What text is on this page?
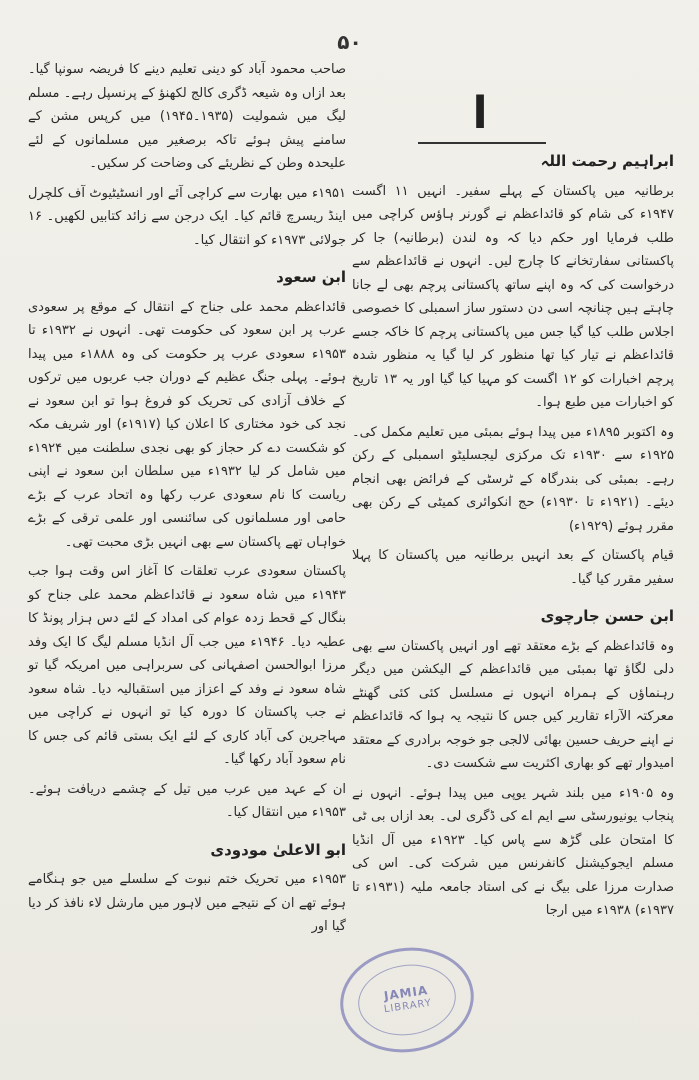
۵۰
ا

صاحب محمود آباد کو دینی تعلیم دینے کا فریضہ سونپا گیا۔ بعد ازاں وہ شیعہ ڈگری کالج لکھنؤ کے پرنسپل رہے۔ مسلم لیگ میں شمولیت (۱۹۳۵۔۱۹۴۵) میں کرپس مشن کے سامنے پیش ہوئے تاکہ برصغیر میں مسلمانوں کے لئے علیحدہ وطن کے نظریئے کی وضاحت کر سکیں۔

۱۹۵۱ء میں بھارت سے کراچی آئے اور انسٹیٹیوٹ آف کلچرل اینڈ ریسرچ قائم کیا۔ ایک درجن سے زائد کتابیں لکھیں۔ ۱۶ جولائی ۱۹۷۳ء کو انتقال کیا۔

ابن سعود

قائداعظم محمد علی جناح کے انتقال کے موقع پر سعودی عرب پر ابن سعود کی حکومت تھی۔ انہوں نے ۱۹۳۲ء تا ۱۹۵۳ء سعودی عرب پر حکومت کی وہ ۱۸۸۸ء میں پیدا ہوئے۔ پہلی جنگ عظیم کے دوران جب عربوں میں ترکوں کے خلاف آزادی کی تحریک کو فروغ ہوا تو ابن سعود نے نجد کی خود مختاری کا اعلان کیا (۱۹۱۷ء) اور شریف مکہ کو شکست دے کر حجاز کو بھی نجدی سلطنت میں ۱۹۲۴ء میں شامل کر لیا ۱۹۳۲ء میں سلطان ابن سعود نے اپنی ریاست کا نام سعودی عرب رکھا وہ اتحاد عرب کے بڑے حامی اور مسلمانوں کی سائنسی اور علمی ترقی کے بڑے خواہاں تھے پاکستان سے بھی انہیں بڑی محبت تھی۔

پاکستان سعودی عرب تعلقات کا آغاز اس وقت ہوا جب ۱۹۴۳ء میں شاہ سعود نے قائداعظم محمد علی جناح کو بنگال کے قحط زدہ عوام کی امداد کے لئے دس ہزار پونڈ کا عطیہ دیا۔ ۱۹۴۶ء میں جب آل انڈیا مسلم لیگ کا ایک وفد مرزا ابوالحسن اصفہانی کی سربراہی میں امریکہ گیا تو شاہ سعود نے وفد کے اعزاز میں استقبالیہ دیا۔ شاہ سعود نے جب پاکستان کا دورہ کیا تو انہوں نے کراچی میں مہاجرین کی آباد کاری کے لئے ایک بستی قائم کی جس کا نام سعود آباد رکھا گیا۔

ان کے عہد میں عرب میں تیل کے چشمے دریافت ہوئے۔ ۱۹۵۳ء میں انتقال کیا۔

ابو الاعلیٰ مودودی

۱۹۵۳ء میں تحریک ختم نبوت کے سلسلے میں جو ہنگامے ہوئے تھے ان کے نتیجے میں لاہور میں مارشل لاء نافذ کر دیا گیا اور

ابراہیم رحمت اللہ

برطانیہ میں پاکستان کے پہلے سفیر۔ انہیں ۱۱ اگست ۱۹۴۷ء کی شام کو قائداعظم نے گورنر ہاؤس کراچی میں طلب فرمایا اور حکم دیا کہ وہ لندن (برطانیہ) جا کر پاکستانی سفارتخانے کا چارج لیں۔ انہوں نے قائداعظم سے درخواست کی کہ وہ اپنے ساتھ پاکستانی پرچم بھی لے جانا چاہتے ہیں چنانچہ اسی دن دستور ساز اسمبلی کا خصوصی اجلاس طلب کیا گیا جس میں پاکستانی پرچم کا خاکہ جسے قائداعظم نے تیار کیا تھا منظور کر لیا گیا یہ منظور شدہ پرچم اخبارات کو ۱۲ اگست کو مہیا کیا گیا اور یہ ۱۳ تاریخ کو اخبارات میں طبع ہوا۔

وہ اکتوبر ۱۸۹۵ء میں پیدا ہوئے بمبئی میں تعلیم مکمل کی۔ ۱۹۲۵ء سے ۱۹۳۰ء تک مرکزی لیجسلیٹو اسمبلی کے رکن رہے۔ بمبئی کی بندرگاہ کے ٹرسٹی کے فرائض بھی انجام دیئے۔ (۱۹۲۱ء تا ۱۹۳۰ء) حج انکوائری کمیٹی کے رکن بھی مقرر ہوئے (۱۹۲۹ء)

قیام پاکستان کے بعد انہیں برطانیہ میں پاکستان کا پہلا سفیر مقرر کیا گیا۔

ابن حسن جارچوی

وہ قائداعظم کے بڑے معتقد تھے اور انہیں پاکستان سے بھی دلی لگاؤ تھا بمبئی میں قائداعظم کے الیکشن میں دیگر رہنماؤں کے ہمراہ انہوں نے مسلسل کئی کئی گھنٹے معرکتہ الآراء تقاریر کیں جس کا نتیجہ یہ ہوا کہ قائداعظم نے اپنے حریف حسین بھائی لالجی جو خوجہ برادری کے معتقد امیدوار تھے کو بھاری اکثریت سے شکست دی۔

وہ ۱۹۰۵ء میں بلند شہر یوپی میں پیدا ہوئے۔ انہوں نے پنجاب یونیورسٹی سے ایم اے کی ڈگری لی۔ بعد ازاں بی ٹی کا امتحان علی گڑھ سے پاس کیا۔ ۱۹۲۳ء میں آل انڈیا مسلم ایجوکیشنل کانفرنس میں شرکت کی۔ اس کی صدارت مرزا علی بیگ نے کی استاد جامعہ ملیہ (۱۹۳۱ء تا ۱۹۳۷ء) ۱۹۳۸ء میں ارجا

JAMIA
LIBRARY
